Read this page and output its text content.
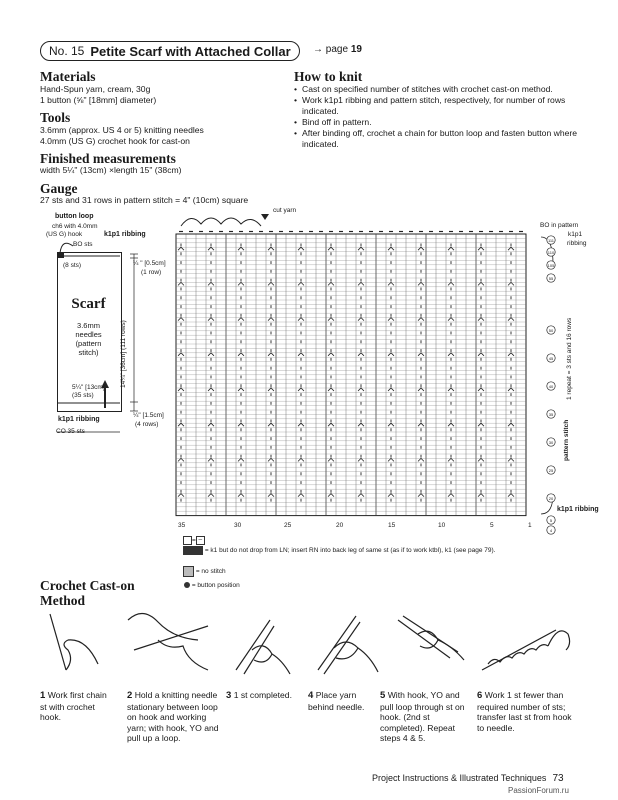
No. 15 Petite Scarf with Attached Collar → page 19
Materials
Hand-Spun yarn, cream, 30g
1 button (⅝" [18mm] diameter)
Tools
3.6mm (approx. US 4 or 5) knitting needles
4.0mm (US G) crochet hook for cast-on
Finished measurements
width 5¼" (13cm) ×length 15" (38cm)
Gauge
27 sts and 31 rows in pattern stitch = 4" (10cm) square
How to knit
• Cast on specified number of stitches with crochet cast-on method.
• Work k1p1 ribbing and pattern stitch, respectively, for number of rows indicated.
• Bind off in pattern.
• After binding off, crochet a chain for button loop and fasten button where indicated.
button loop
ch6 with 4.0mm
(US G) hook
BO sts
k1p1 ribbing
(8 sts)	¼ " [0.5cm]
(1 row)
Scarf
3.6mm
needles
(pattern
stitch)
5¼" [13cm]
(35 sts)
¼" [1.5cm]
(4 rows)
k1p1 ribbing
CO 35 sts
14¼" [36cm] (111 rows)
111
110
105
55
50
45
40
35
30
25
20
5
4
cut yarn
BO in pattern
k1p1
ribbing
pattern stitch
1 repeat = 3 sts and 16 rows
k1p1 ribbing
35	30	25	20	15	10	5	1
= –
= k1 but do not drop from LN; insert RN into back leg of same st (as if to work ktbl), k1 (see page 79).
= no stitch
= button position
Crochet Cast-on
Method
1 Work first chain st with crochet hook.
2 Hold a knitting needle stationary between loop on hook and working yarn; with hook, YO and pull up a loop.
3 1 st completed.	4 Place yarn behind needle.
5 With hook, YO and pull loop through st on hook. (2nd st completed). Repeat steps 4 & 5.
6 Work 1 st fewer than required number of sts; transfer last st from hook to needle.
Project Instructions & Illustrated Techniques 73
PassionForum.ru
